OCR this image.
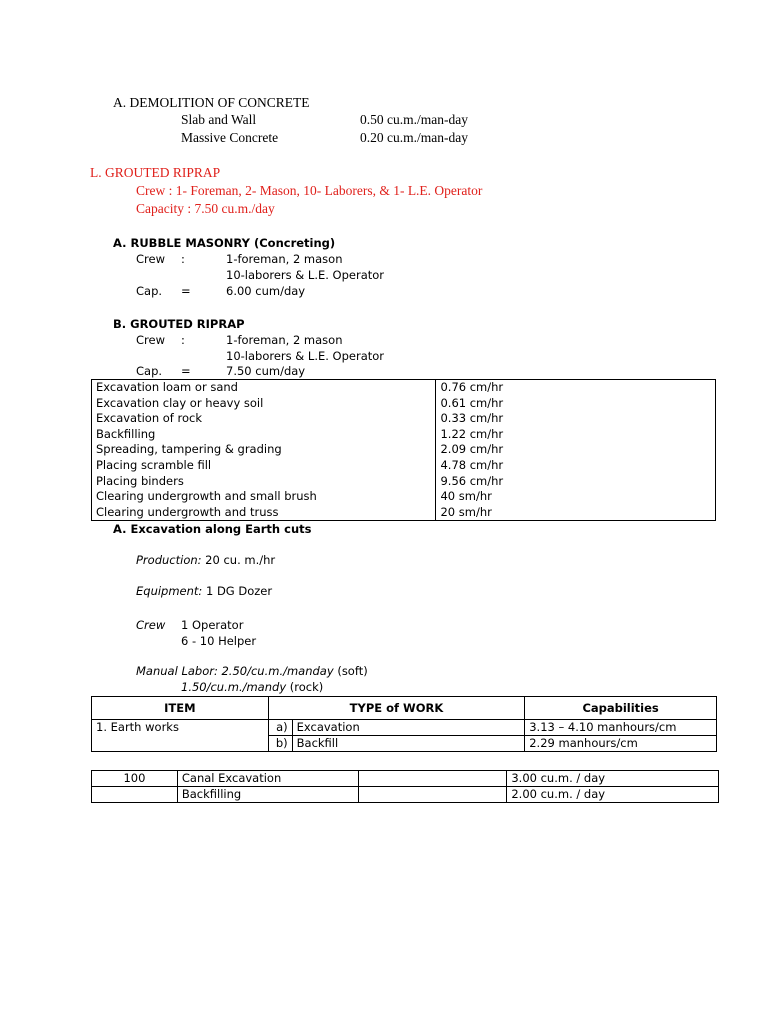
A. DEMOLITION OF CONCRETE
Slab and Wall	0.50 cu.m./man-day
Massive Concrete	0.20 cu.m./man-day
L. GROUTED RIPRAP
Crew : 1- Foreman, 2- Mason, 10- Laborers, & 1- L.E. Operator
Capacity : 7.50 cu.m./day
A. RUBBLE MASONRY (Concreting)
Crew :	1-foreman, 2 mason
10-laborers & L.E. Operator
Cap. =	6.00 cum/day
B. GROUTED RIPRAP
Crew :	1-foreman, 2 mason
10-laborers & L.E. Operator
Cap. =	7.50 cum/day
Excavation loam or sand	0.76 cm/hr
Excavation clay or heavy soil	0.61 cm/hr
Excavation of rock	0.33 cm/hr
Backfilling	1.22 cm/hr
Spreading, tampering & grading	2.09 cm/hr
Placing scramble fill	4.78 cm/hr
Placing binders	9.56 cm/hr
Clearing undergrowth and small brush	40 sm/hr
Clearing undergrowth and truss	20 sm/hr
A. Excavation along Earth cuts
Production: 20 cu. m./hr
Equipment: 1 DG Dozer
Crew 1 Operator
6 - 10 Helper
Manual Labor: 2.50/cu.m./manday (soft)
1.50/cu.m./mandy (rock)
ITEM	TYPE of WORK		Capabilities
1. Earth works	a)	Excavation	3.13 – 4.10 manhours/cm
	b)	Backfill	2.29 manhours/cm
100	Canal Excavation		3.00 cu.m. / day
	Backfilling		2.00 cu.m. / day
